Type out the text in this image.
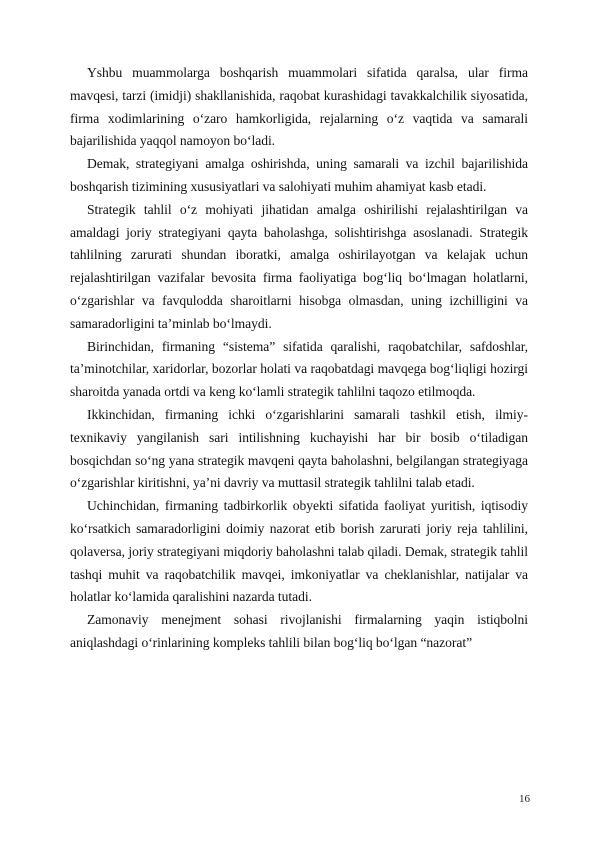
Yshbu muammolarga boshqarish muammolari sifatida qaralsa, ular firma mavqesi, tarzi (imidji) shakllanishida, raqobat kurashidagi tavakkalchilik siyosatida, firma xodimlarining o‘zaro hamkorligida, rejalarning o‘z vaqtida va samarali bajarilishida yaqqol namoyon bo‘ladi.

Demak, strategiyani amalga oshirishda, uning samarali va izchil bajarilishida boshqarish tizimining xususiyatlari va salohiyati muhim ahamiyat kasb etadi.

Strategik tahlil o‘z mohiyati jihatidan amalga oshirilishi rejalashtirilgan va amaldagi joriy strategiyani qayta baholashga, solishtirishga asoslanadi. Strategik tahlilning zarurati shundan iboratki, amalga oshirilayotgan va kelajak uchun rejalashtirilgan vazifalar bevosita firma faoliyatiga bog‘liq bo‘lmagan holatlarni, o‘zgarishlar va favqulodda sharoitlarni hisobga olmasdan, uning izchilligini va samaradorligini ta’minlab bo‘lmaydi.

Birinchidan, firmaning “sistema” sifatida qaralishi, raqobatchilar, safdoshlar, ta’minotchilar, xaridorlar, bozorlar holati va raqobatdagi mavqega bog‘liqligi hozirgi sharoitda yanada ortdi va keng ko‘lamli strategik tahlilni taqozo etilmoqda.

Ikkinchidan, firmaning ichki o‘zgarishlarini samarali tashkil etish, ilmiy-texnikaviy yangilanish sari intilishning kuchayishi har bir bosib o‘tiladigan bosqichdan so‘ng yana strategik mavqeni qayta baholashni, belgilangan strategiyaga o‘zgarishlar kiritishni, ya’ni davriy va muttasil strategik tahlilni talab etadi.

Uchinchidan, firmaning tadbirkorlik obyekti sifatida faoliyat yuritish, iqtisodiy ko‘rsatkich samaradorligini doimiy nazorat etib borish zarurati joriy reja tahlilini, qolaversa, joriy strategiyani miqdoriy baholashni talab qiladi. Demak, strategik tahlil tashqi muhit va raqobatchilik mavqei, imkoniyatlar va cheklanishlar, natijalar va holatlar ko‘lamida qaralishini nazarda tutadi.

Zamonaviy menejment sohasi rivojlanishi firmalarning yaqin istiqbolni aniqlashdagi o‘rinlarining kompleks tahlili bilan bog‘liq bo‘lgan “nazorat”

16
